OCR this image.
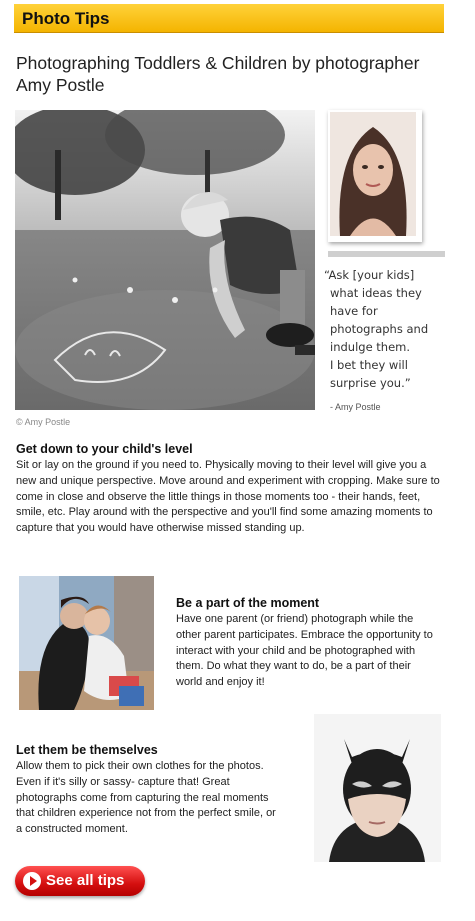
Photo Tips
Photographing Toddlers & Children by photographer Amy Postle
© Amy Postle
“Ask [your kids]
what ideas they
have for
photographs and
indulge them.
I bet they will
surprise you.”
- Amy Postle
Get down to your child's level
Sit or lay on the ground if you need to. Physically moving to their level will give you a new and unique perspective. Move around and experiment with cropping. Make sure to come in close and observe the little things in those moments too - their hands, feet, smile, etc. Play around with the perspective and you'll find some amazing moments to capture that you would have otherwise missed standing up.
Be a part of the moment
Have one parent (or friend) photograph while the other parent participates. Embrace the opportunity to interact with your child and be photographed with them. Do what they want to do, be a part of their world and enjoy it!
Let them be themselves
Allow them to pick their own clothes for the photos. Even if it's silly or sassy- capture that! Great photographs come from capturing the real moments that children experience not from the perfect smile, or a constructed moment.
See all tips
